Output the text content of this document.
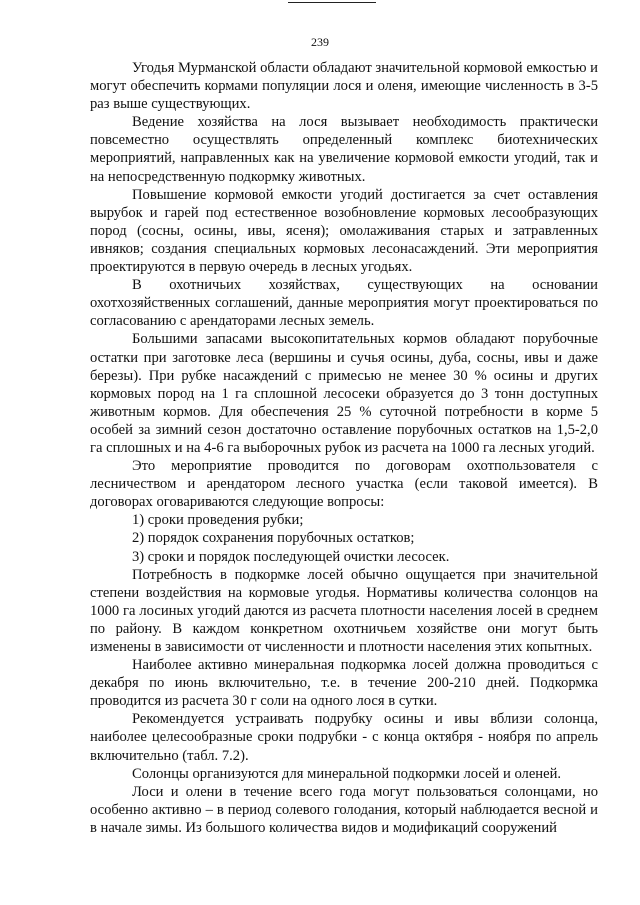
239

Угодья Мурманской области обладают значительной кормовой емкостью и могут обеспечить кормами популяции лося и оленя, имеющие численность в 3-5 раз выше существующих.

Ведение хозяйства на лося вызывает необходимость практически повсеместно осуществлять определенный комплекс биотехнических мероприятий, направленных как на увеличение кормовой емкости угодий, так и на непосредственную подкормку животных.

Повышение кормовой емкости угодий достигается за счет оставления вырубок и гарей под естественное возобновление кормовых лесообразующих пород (сосны, осины, ивы, ясеня); омолаживания старых и затравленных ивняков; создания специальных кормовых лесонасаждений. Эти мероприятия проектируются в первую очередь в лесных угодьях.

В охотничьих хозяйствах, существующих на основании охотхозяйственных соглашений, данные мероприятия могут проектироваться по согласованию с арендаторами лесных земель.

Большими запасами высокопитательных кормов обладают порубочные остатки при заготовке леса (вершины и сучья осины, дуба, сосны, ивы и даже березы). При рубке насаждений с примесью не менее 30 % осины и других кормовых пород на 1 га сплошной лесосеки образуется до 3 тонн доступных животным кормов. Для обеспечения 25 % суточной потребности в корме 5 особей за зимний сезон достаточно оставление порубочных остатков на 1,5-2,0 га сплошных и на 4-6 га выборочных рубок из расчета на 1000 га лесных угодий.

Это мероприятие проводится по договорам охотпользователя с лесничеством и арендатором лесного участка (если таковой имеется). В договорах оговариваются следующие вопросы:

1) сроки проведения рубки;

2) порядок сохранения порубочных остатков;

3) сроки и порядок последующей очистки лесосек.

Потребность в подкормке лосей обычно ощущается при значительной степени воздействия на кормовые угодья. Нормативы количества солонцов на 1000 га лосиных угодий даются из расчета плотности населения лосей в среднем по району. В каждом конкретном охотничьем хозяйстве они могут быть изменены в зависимости от численности и плотности населения этих копытных.

Наиболее активно минеральная подкормка лосей должна проводиться с декабря по июнь включительно, т.е. в течение 200-210 дней. Подкормка проводится из расчета 30 г соли на одного лося в сутки.

Рекомендуется устраивать подрубку осины и ивы вблизи солонца, наиболее целесообразные сроки подрубки - с конца октября - ноября по апрель включительно (табл. 7.2).

Солонцы организуются для минеральной подкормки лосей и оленей.

Лоси и олени в течение всего года могут пользоваться солонцами, но особенно активно – в период солевого голодания, который наблюдается весной и в начале зимы. Из большого количества видов и модификаций сооружений
